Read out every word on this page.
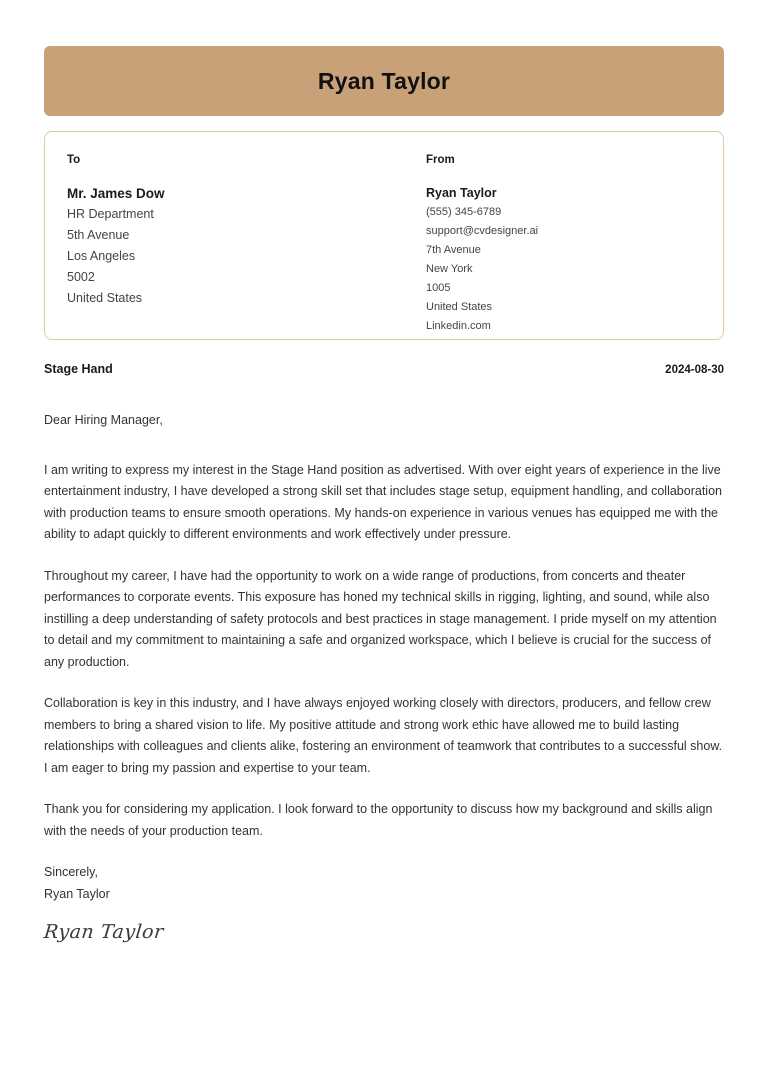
Ryan Taylor
To
Mr. James Dow
HR Department
5th Avenue
Los Angeles
5002
United States
From
Ryan Taylor
(555) 345-6789
support@cvdesigner.ai
7th Avenue
New York
1005
United States
Linkedin.com
Stage Hand	2024-08-30

Dear Hiring Manager,

I am writing to express my interest in the Stage Hand position as advertised. With over eight years of experience in the live entertainment industry, I have developed a strong skill set that includes stage setup, equipment handling, and collaboration with production teams to ensure smooth operations. My hands-on experience in various venues has equipped me with the ability to adapt quickly to different environments and work effectively under pressure.

Throughout my career, I have had the opportunity to work on a wide range of productions, from concerts and theater performances to corporate events. This exposure has honed my technical skills in rigging, lighting, and sound, while also instilling a deep understanding of safety protocols and best practices in stage management. I pride myself on my attention to detail and my commitment to maintaining a safe and organized workspace, which I believe is crucial for the success of any production.

Collaboration is key in this industry, and I have always enjoyed working closely with directors, producers, and fellow crew members to bring a shared vision to life. My positive attitude and strong work ethic have allowed me to build lasting relationships with colleagues and clients alike, fostering an environment of teamwork that contributes to a successful show. I am eager to bring my passion and expertise to your team.

Thank you for considering my application. I look forward to the opportunity to discuss how my background and skills align with the needs of your production team.

Sincerely,

Ryan Taylor

Ryan Taylor
